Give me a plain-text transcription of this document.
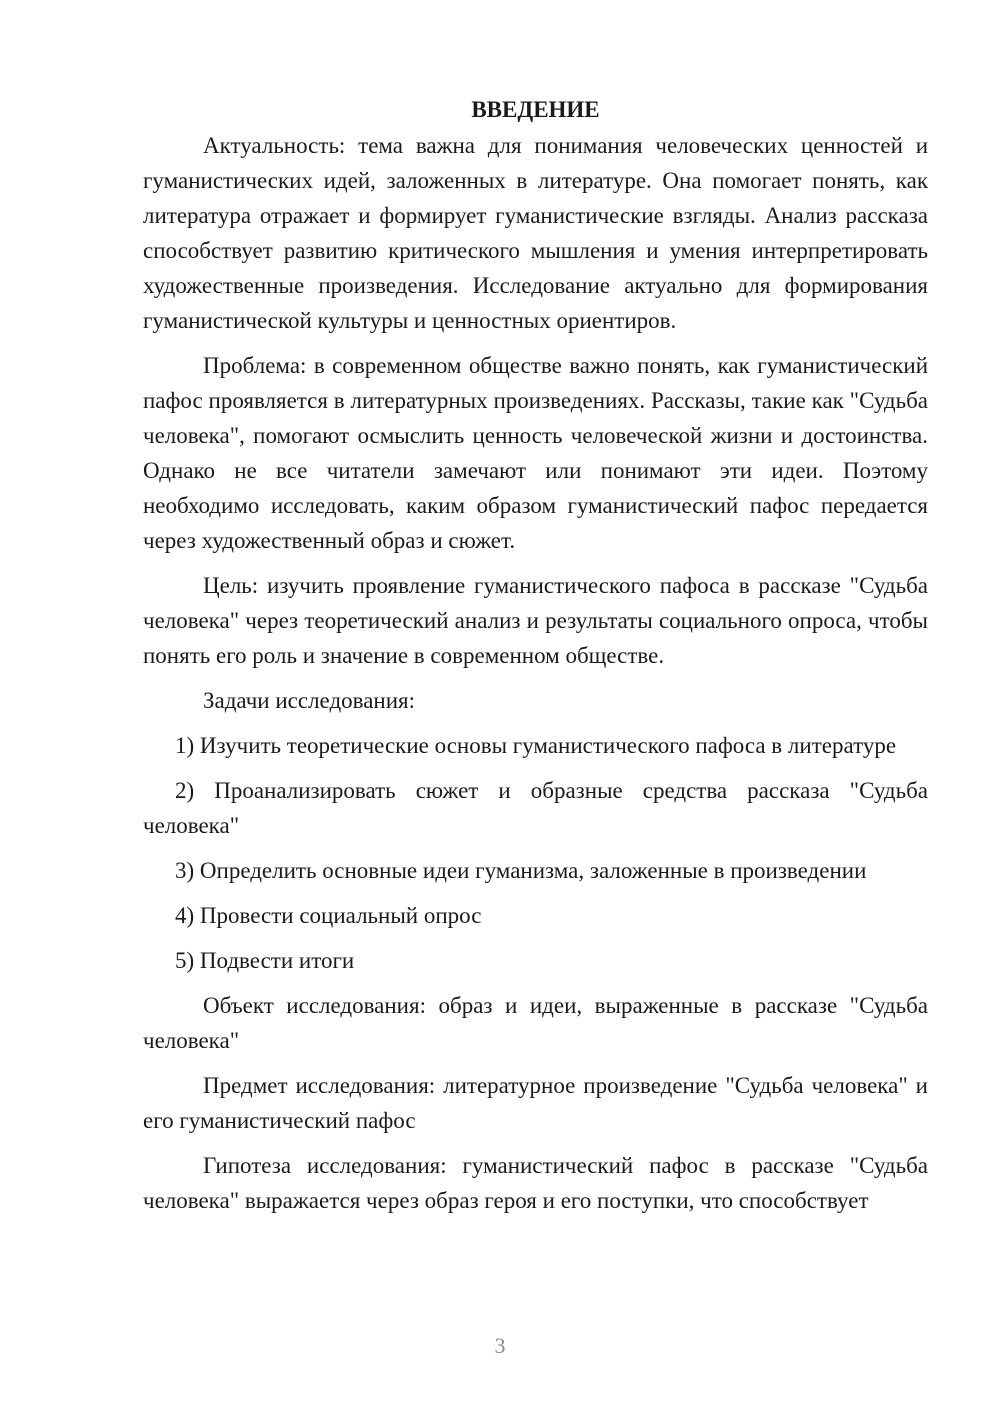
ВВЕДЕНИЕ

Актуальность: тема важна для понимания человеческих ценностей и гуманистических идей, заложенных в литературе. Она помогает понять, как литература отражает и формирует гуманистические взгляды. Анализ рассказа способствует развитию критического мышления и умения интерпретировать художественные произведения. Исследование актуально для формирования гуманистической культуры и ценностных ориентиров.

Проблема: в современном обществе важно понять, как гуманистический пафос проявляется в литературных произведениях. Рассказы, такие как "Судьба человека", помогают осмыслить ценность человеческой жизни и достоинства. Однако не все читатели замечают или понимают эти идеи. Поэтому необходимо исследовать, каким образом гуманистический пафос передается через художественный образ и сюжет.

Цель: изучить проявление гуманистического пафоса в рассказе "Судьба человека" через теоретический анализ и результаты социального опроса, чтобы понять его роль и значение в современном обществе.

Задачи исследования:

1) Изучить теоретические основы гуманистического пафоса в литературе

2) Проанализировать сюжет и образные средства рассказа "Судьба человека"

3) Определить основные идеи гуманизма, заложенные в произведении

4) Провести социальный опрос

5) Подвести итоги

Объект исследования: образ и идеи, выраженные в рассказе "Судьба человека"

Предмет исследования: литературное произведение "Судьба человека" и его гуманистический пафос

Гипотеза исследования: гуманистический пафос в рассказе "Судьба человека" выражается через образ героя и его поступки, что способствует

3
